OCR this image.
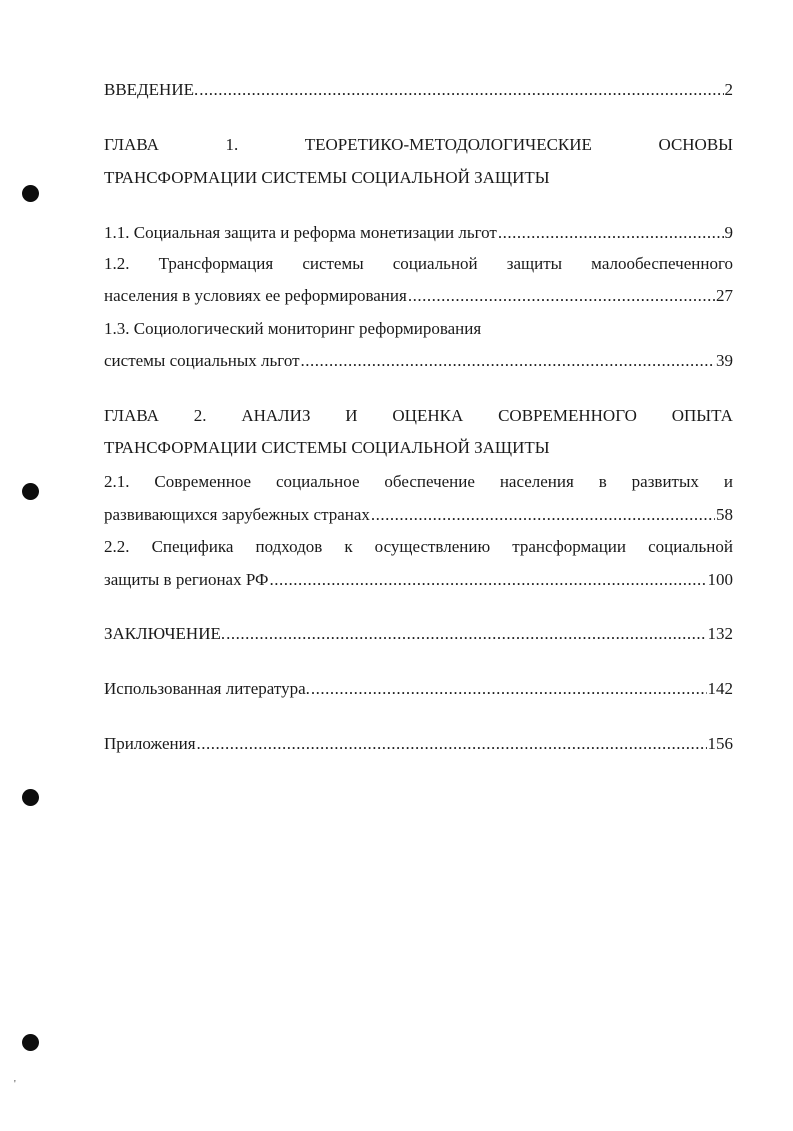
'
ВВЕДЕНИЕ. .....	2
ГЛАВА	1.	ТЕОРЕТИКО-МЕТОДОЛОГИЧЕСКИЕ	ОСНОВЫ
ТРАНСФОРМАЦИИ СИСТЕМЫ СОЦИАЛЬНОЙ ЗАЩИТЫ
1.1. Социальная защита и реформа монетизации льгот .....	9
1.2. Трансформация системы социальной защиты малообеспеченного
населения в условиях ее реформирования .....	27
1.3. Социологический мониторинг реформирования
системы социальных льгот .....	39
ГЛАВА 2. АНАЛИЗ И ОЦЕНКА СОВРЕМЕННОГО ОПЫТА
ТРАНСФОРМАЦИИ СИСТЕМЫ СОЦИАЛЬНОЙ ЗАЩИТЫ
2.1. Современное социальное обеспечение населения в развитых и
развивающихся зарубежных странах .....	58
2.2. Специфика подходов к осуществлению трансформации социальной
защиты в регионах РФ .....	100
ЗАКЛЮЧЕНИЕ. .....	132
Использованная литература. .....	142
Приложения .....	156
